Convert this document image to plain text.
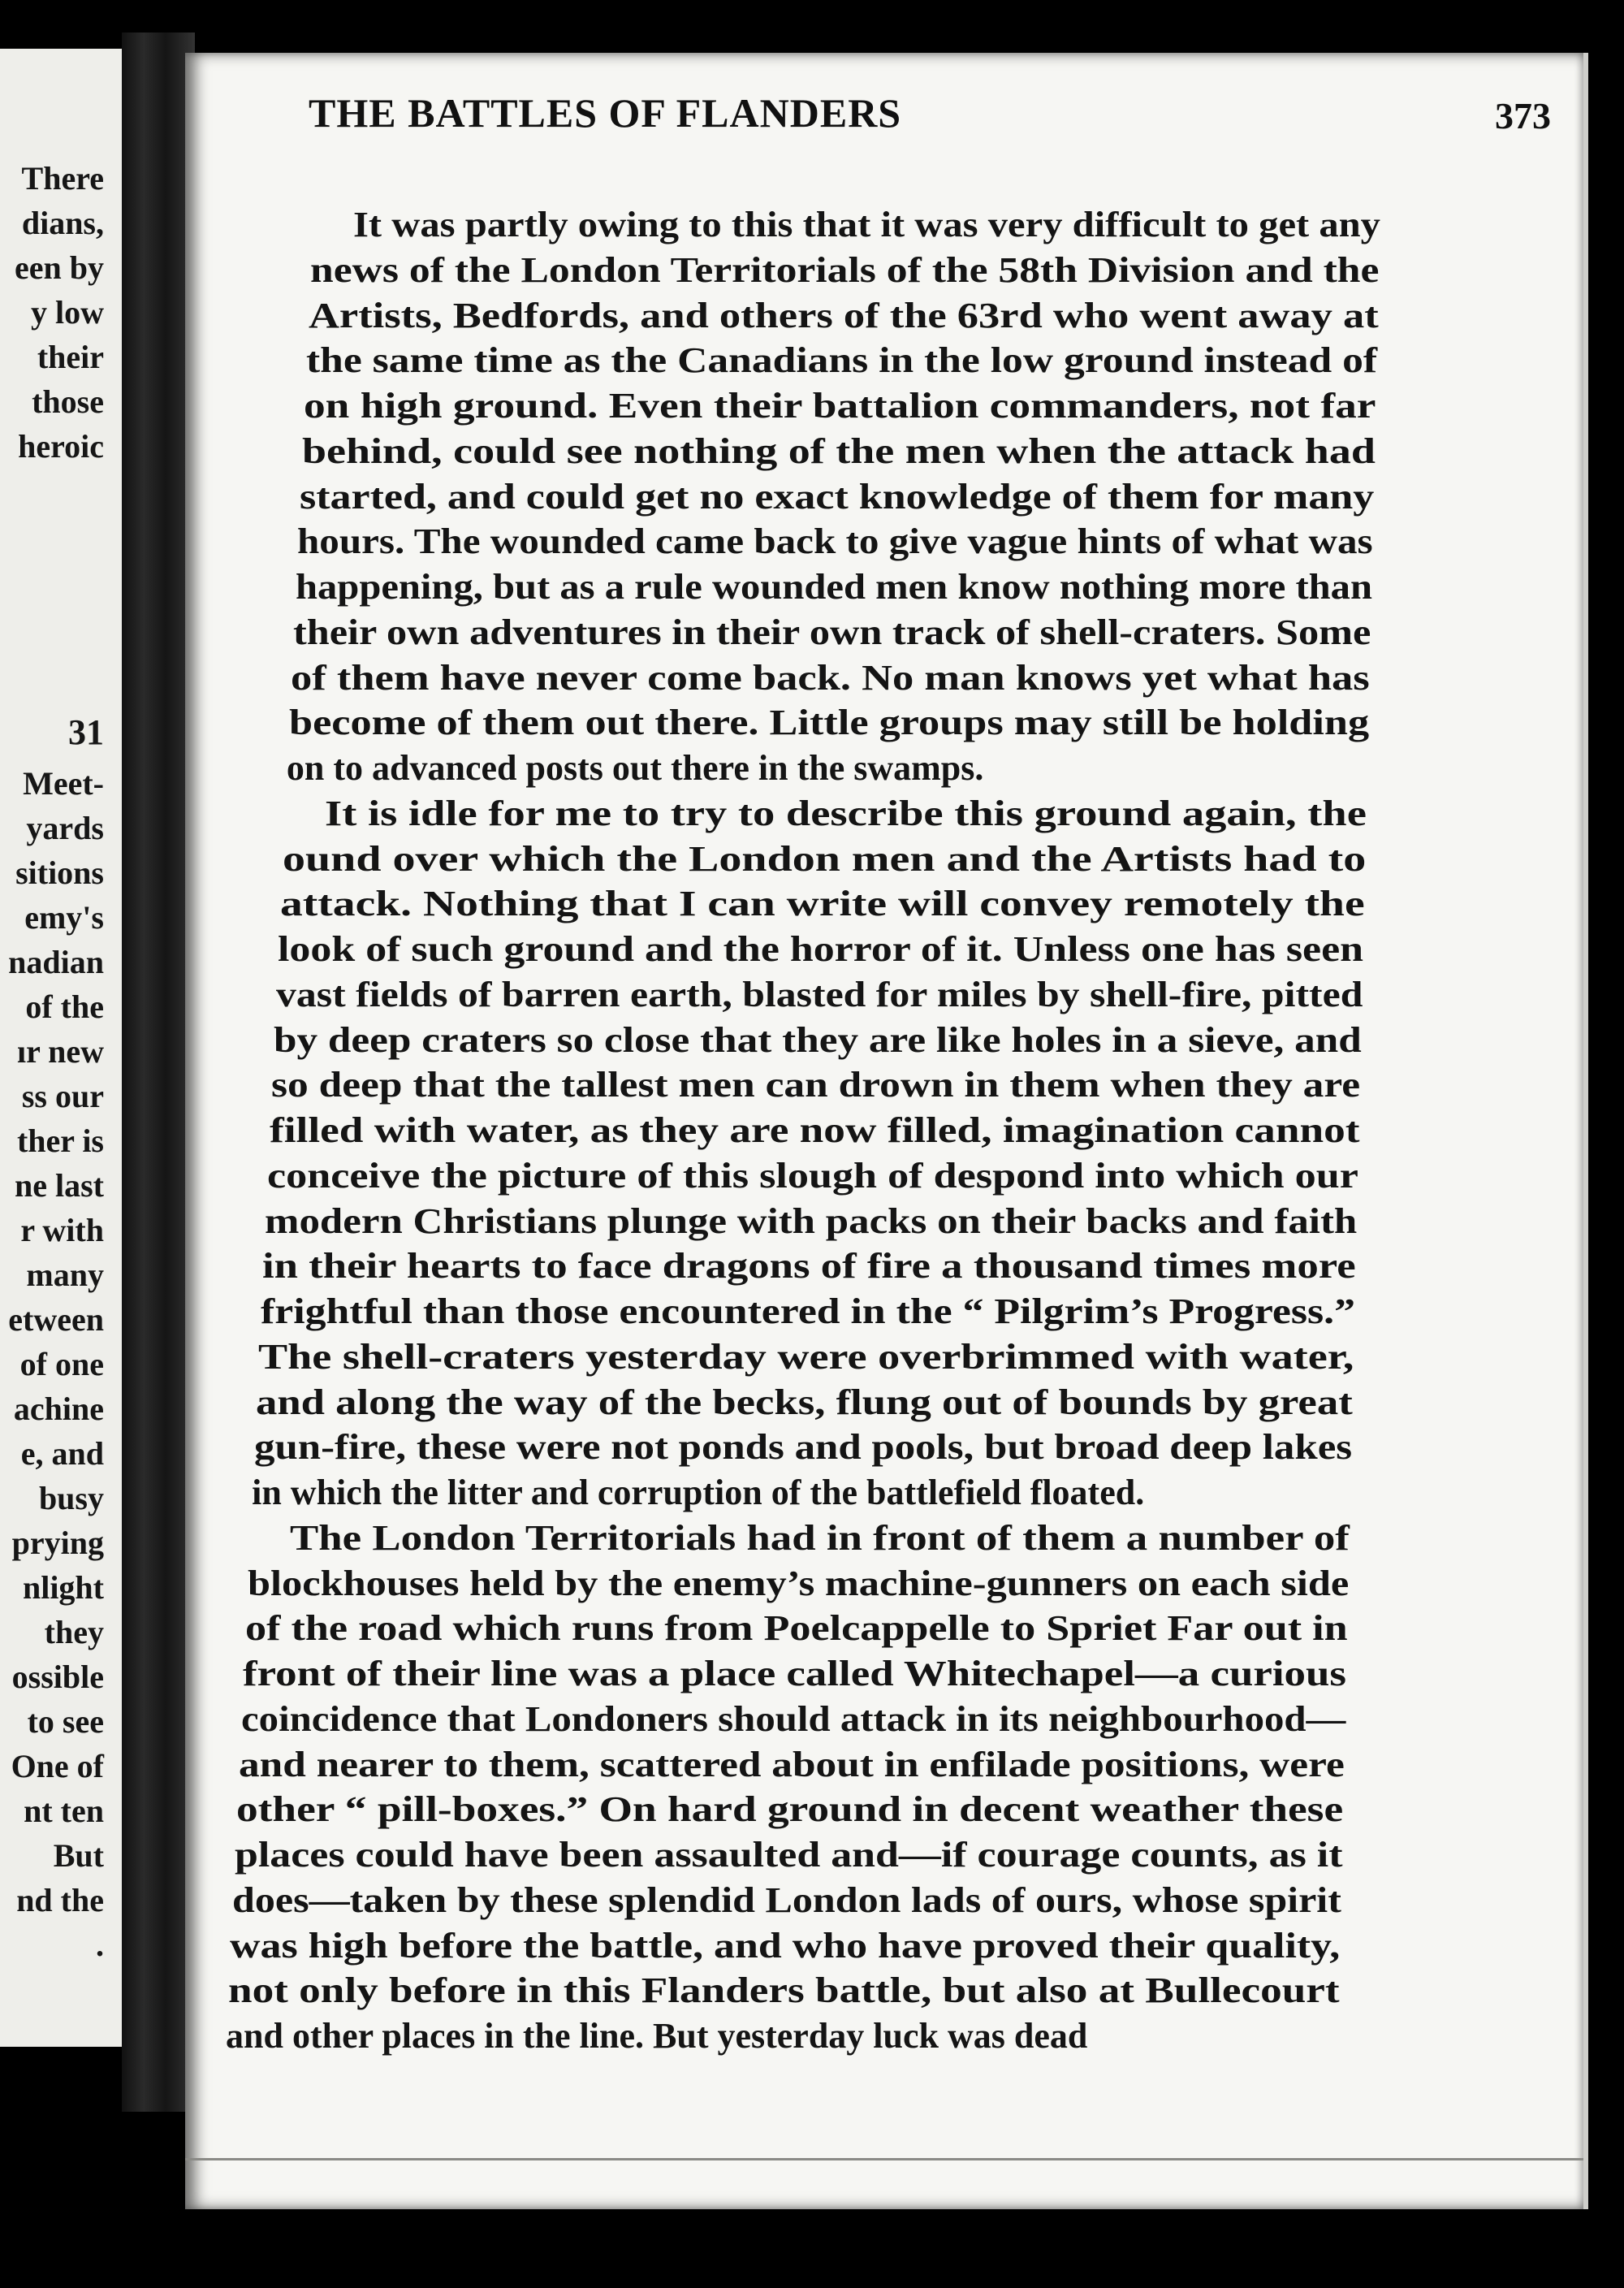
There
dians,
een by
y low
their
those
heroic
31
Meet-
yards
sitions
emy's
nadian
of the
ır new
ss our
ther is
ne last
r with
many
etween
of one
achine
e, and
busy
prying
nlight
they
ossible
to see
One of
nt ten
But
nd the
.
THE BATTLES OF FLANDERS	373
It was partly owing to this that it was very difficult to get any
news of the London Territorials of the 58th Division and the
Artists, Bedfords, and others of the 63rd who went away at
the same time as the Canadians in the low ground instead of
on high ground. Even their battalion commanders, not far
behind, could see nothing of the men when the attack had
started, and could get no exact knowledge of them for many
hours. The wounded came back to give vague hints of what was
happening, but as a rule wounded men know nothing more than
their own adventures in their own track of shell-craters. Some
of them have never come back. No man knows yet what has
become of them out there. Little groups may still be holding
on to advanced posts out there in the swamps.
It is idle for me to try to describe this ground again, the
ound over which the London men and the Artists had to
attack. Nothing that I can write will convey remotely the
look of such ground and the horror of it. Unless one has seen
vast fields of barren earth, blasted for miles by shell-fire, pitted
by deep craters so close that they are like holes in a sieve, and
so deep that the tallest men can drown in them when they are
filled with water, as they are now filled, imagination cannot
conceive the picture of this slough of despond into which our
modern Christians plunge with packs on their backs and faith
in their hearts to face dragons of fire a thousand times more
frightful than those encountered in the “ Pilgrim’s Progress.”
The shell-craters yesterday were overbrimmed with water,
and along the way of the becks, flung out of bounds by great
gun-fire, these were not ponds and pools, but broad deep lakes
in which the litter and corruption of the battlefield floated.
The London Territorials had in front of them a number of
blockhouses held by the enemy’s machine-gunners on each side
of the road which runs from Poelcappelle to Spriet Far out in
front of their line was a place called Whitechapel—a curious
coincidence that Londoners should attack in its neighbourhood—
and nearer to them, scattered about in enfilade positions, were
other “ pill-boxes.” On hard ground in decent weather these
places could have been assaulted and—if courage counts, as it
does—taken by these splendid London lads of ours, whose spirit
was high before the battle, and who have proved their quality,
not only before in this Flanders battle, but also at Bullecourt
and other places in the line. But yesterday luck was dead
